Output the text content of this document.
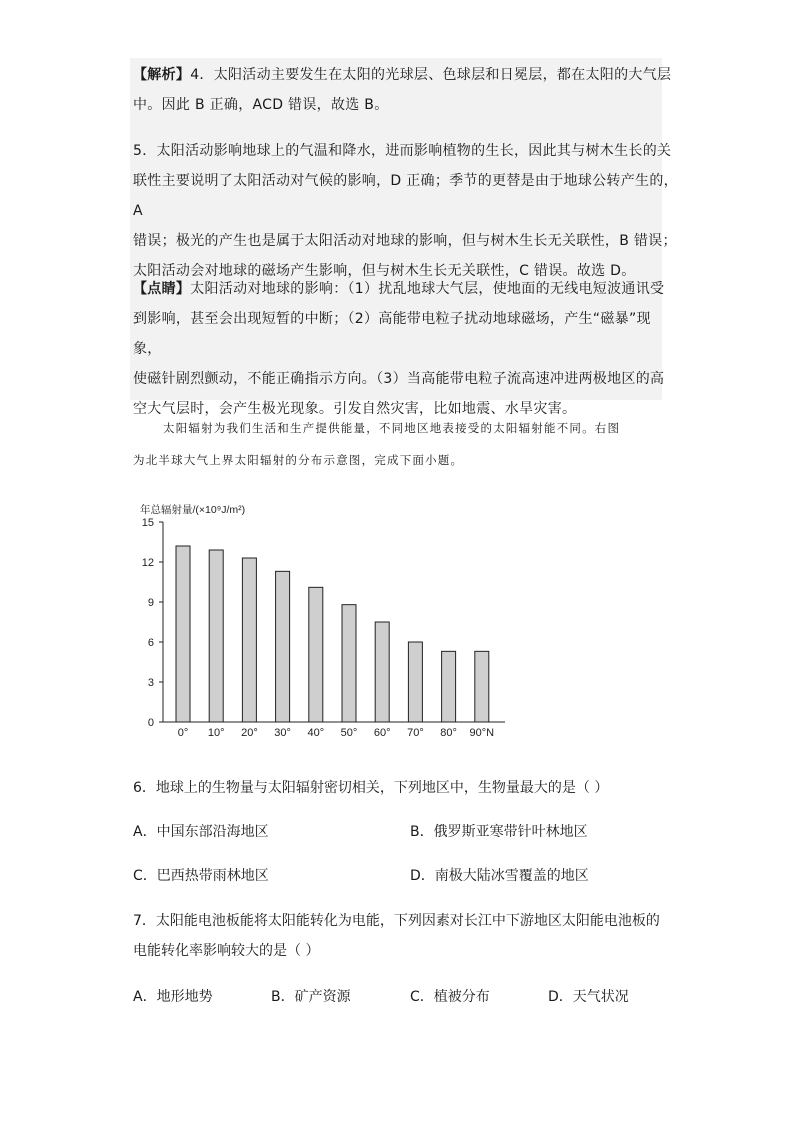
【解析】4．太阳活动主要发生在太阳的光球层、色球层和日冕层，都在太阳的大气层
中。因此 B 正确，ACD 错误，故选 B。
5．太阳活动影响地球上的气温和降水，进而影响植物的生长，因此其与树木生长的关
联性主要说明了太阳活动对气候的影响，D 正确；季节的更替是由于地球公转产生的，A
错误；极光的产生也是属于太阳活动对地球的影响，但与树木生长无关联性，B 错误；
太阳活动会对地球的磁场产生影响，但与树木生长无关联性，C 错误。故选 D。
【点睛】太阳活动对地球的影响：（1）扰乱地球大气层，使地面的无线电短波通讯受
到影响，甚至会出现短暂的中断；（2）高能带电粒子扰动地球磁场，产生“磁暴”现象，
使磁针剧烈颤动，不能正确指示方向。（3）当高能带电粒子流高速冲进两极地区的高
空大气层时，会产生极光现象。引发自然灾害，比如地震、水旱灾害。
太阳辐射为我们生活和生产提供能量，不同地区地表接受的太阳辐射能不同。右图
为北半球大气上界太阳辐射的分布示意图，完成下面小题。
年总辐射量/(×10⁹J/m²)
0
3
6
9
12
15
0° 10° 20° 30° 40° 50° 60° 70° 80° 90°N
6．地球上的生物量与太阳辐射密切相关，下列地区中，生物量最大的是（ ）
A．中国东部沿海地区	B．俄罗斯亚寒带针叶林地区
C．巴西热带雨林地区	D．南极大陆冰雪覆盖的地区
7．太阳能电池板能将太阳能转化为电能，下列因素对长江中下游地区太阳能电池板的
电能转化率影响较大的是（ ）
A．地形地势	B．矿产资源	C．植被分布	D．天气状况
